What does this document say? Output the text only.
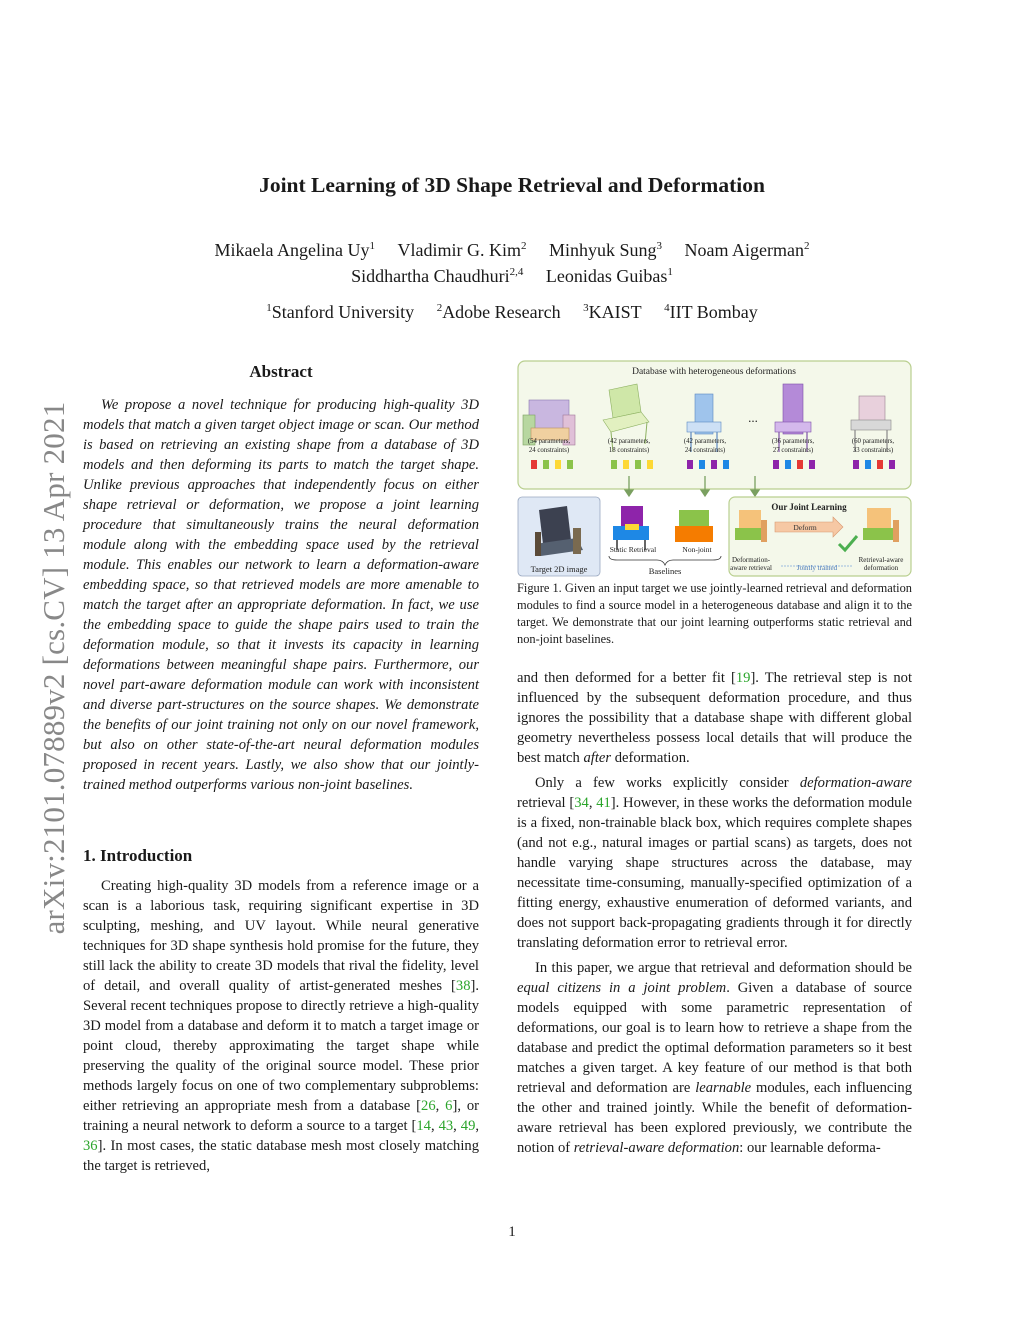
arXiv:2101.07889v2 [cs.CV] 13 Apr 2021
Joint Learning of 3D Shape Retrieval and Deformation
Mikaela Angelina Uy$^1$ Vladimir G. Kim$^2$ Minhyuk Sung$^3$ Noam Aigerman$^2$
Siddhartha Chaudhuri$^{2,4}$ Leonidas Guibas$^1$
$^1$Stanford University $^2$Adobe Research $^3$KAIST $^4$IIT Bombay
Abstract

We propose a novel technique for producing high-quality 3D models that match a given target object image or scan. Our method is based on retrieving an existing shape from a database of 3D models and then deforming its parts to match the target shape. Unlike previous approaches that independently focus on either shape retrieval or deformation, we propose a joint learning procedure that simultaneously trains the neural deformation module along with the embedding space used by the retrieval module. This enables our network to learn a deformation-aware embedding space, so that retrieved models are more amenable to match the target after an appropriate deformation. In fact, we use the embedding space to guide the shape pairs used to train the deformation module, so that it invests its capacity in learning deformations between meaningful shape pairs. Furthermore, our novel part-aware deformation module can work with inconsistent and diverse part-structures on the source shapes. We demonstrate the benefits of our joint training not only on our novel framework, but also on other state-of-the-art neural deformation modules proposed in recent years. Lastly, we also show that our jointly-trained method outperforms various non-joint baselines.

1. Introduction

Creating high-quality 3D models from a reference image or a scan is a laborious task, requiring significant expertise in 3D sculpting, meshing, and UV layout. While neural generative techniques for 3D shape synthesis hold promise for the future, they still lack the ability to create 3D models that rival the fidelity, level of detail, and overall quality of artist-generated meshes [38]. Several recent techniques propose to directly retrieve a high-quality 3D model from a database and deform it to match a target image or point cloud, thereby approximating the target shape while preserving the quality of the original source model. These prior methods largely focus on one of two complementary subproblems: either retrieving an appropriate mesh from a database [26, 6], or training a neural network to deform a source to a target [14, 43, 49, 36]. In most cases, the static database mesh most closely matching the target is retrieved,

Database with heterogeneous deformations
...
(54 parameters,
24 constraints)
(42 parameters,
18 constraints)
(42 parameters,
24 constraints)
(36 parameters,
27 constraints)
(60 parameters,
33 constraints)
Target 2D image
Static Retrieval	Non-joint
Baselines
Our Joint Learning
Deform
Deformation-
aware retrieval	Jointly trained
Retrieval-aware
deformation
Figure 1. Given an input target we use jointly-learned retrieval and deformation modules to find a source model in a heterogeneous database and align it to the target. We demonstrate that our joint learning outperforms static retrieval and non-joint baselines.

and then deformed for a better fit [19]. The retrieval step is not influenced by the subsequent deformation procedure, and thus ignores the possibility that a database shape with different global geometry nevertheless possess local details that will produce the best match after deformation.

Only a few works explicitly consider deformation-aware retrieval [34, 41]. However, in these works the deformation module is a fixed, non-trainable black box, which requires complete shapes (and not e.g., natural images or partial scans) as targets, does not handle varying shape structures across the database, may necessitate time-consuming, manually-specified optimization of a fitting energy, exhaustive enumeration of deformed variants, and does not support back-propagating gradients through it for directly translating deformation error to retrieval error.

In this paper, we argue that retrieval and deformation should be equal citizens in a joint problem. Given a database of source models equipped with some parametric representation of deformations, our goal is to learn how to retrieve a shape from the database and predict the optimal deformation parameters so it best matches a given target. A key feature of our method is that both retrieval and deformation are learnable modules, each influencing the other and trained jointly. While the benefit of deformation-aware retrieval has been explored previously, we contribute the notion of retrieval-aware deformation: our learnable deforma-

1
